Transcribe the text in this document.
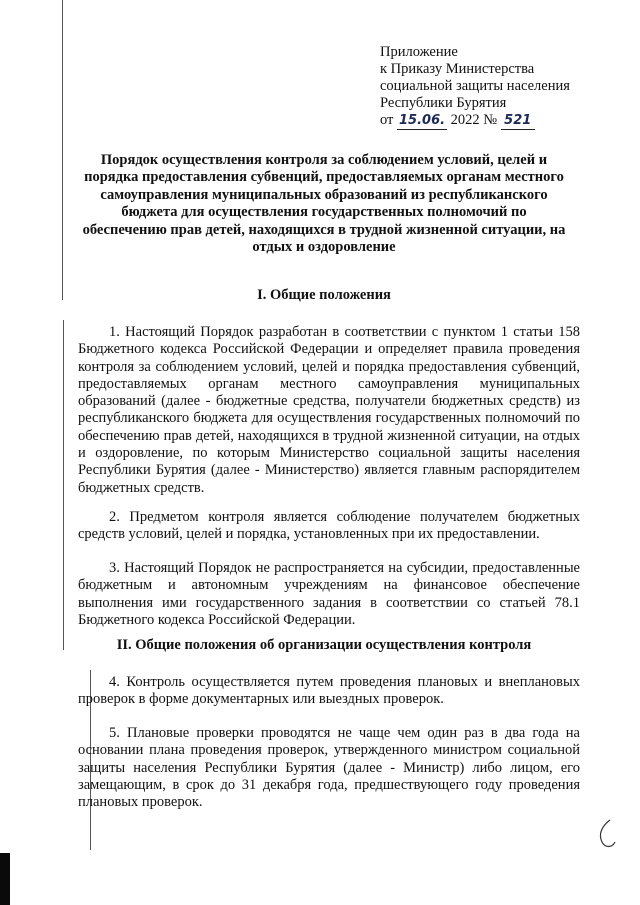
Приложение
к Приказу Министерства
социальной защиты населения
Республики Бурятия
от 15.06. 2022 № 521
Порядок осуществления контроля за соблюдением условий, целей и порядка предоставления субвенций, предоставляемых органам местного самоуправления муниципальных образований из республиканского бюджета для осуществления государственных полномочий по обеспечению прав детей, находящихся в трудной жизненной ситуации, на отдых и оздоровление
I. Общие положения
1. Настоящий Порядок разработан в соответствии с пунктом 1 статьи 158 Бюджетного кодекса Российской Федерации и определяет правила проведения контроля за соблюдением условий, целей и порядка предоставления субвенций, предоставляемых органам местного самоуправления муниципальных образований (далее - бюджетные средства, получатели бюджетных средств) из республиканского бюджета для осуществления государственных полномочий по обеспечению прав детей, находящихся в трудной жизненной ситуации, на отдых и оздоровление, по которым Министерство социальной защиты населения Республики Бурятия (далее - Министерство) является главным распорядителем бюджетных средств.
2. Предметом контроля является соблюдение получателем бюджетных средств условий, целей и порядка, установленных при их предоставлении.
3. Настоящий Порядок не распространяется на субсидии, предоставленные бюджетным и автономным учреждениям на финансовое обеспечение выполнения ими государственного задания в соответствии со статьей 78.1 Бюджетного кодекса Российской Федерации.
II. Общие положения об организации осуществления контроля
4. Контроль осуществляется путем проведения плановых и внеплановых проверок в форме документарных или выездных проверок.
5. Плановые проверки проводятся не чаще чем один раз в два года на основании плана проведения проверок, утвержденного министром социальной защиты населения Республики Бурятия (далее - Министр) либо лицом, его замещающим, в срок до 31 декабря года, предшествующего году проведения плановых проверок.
